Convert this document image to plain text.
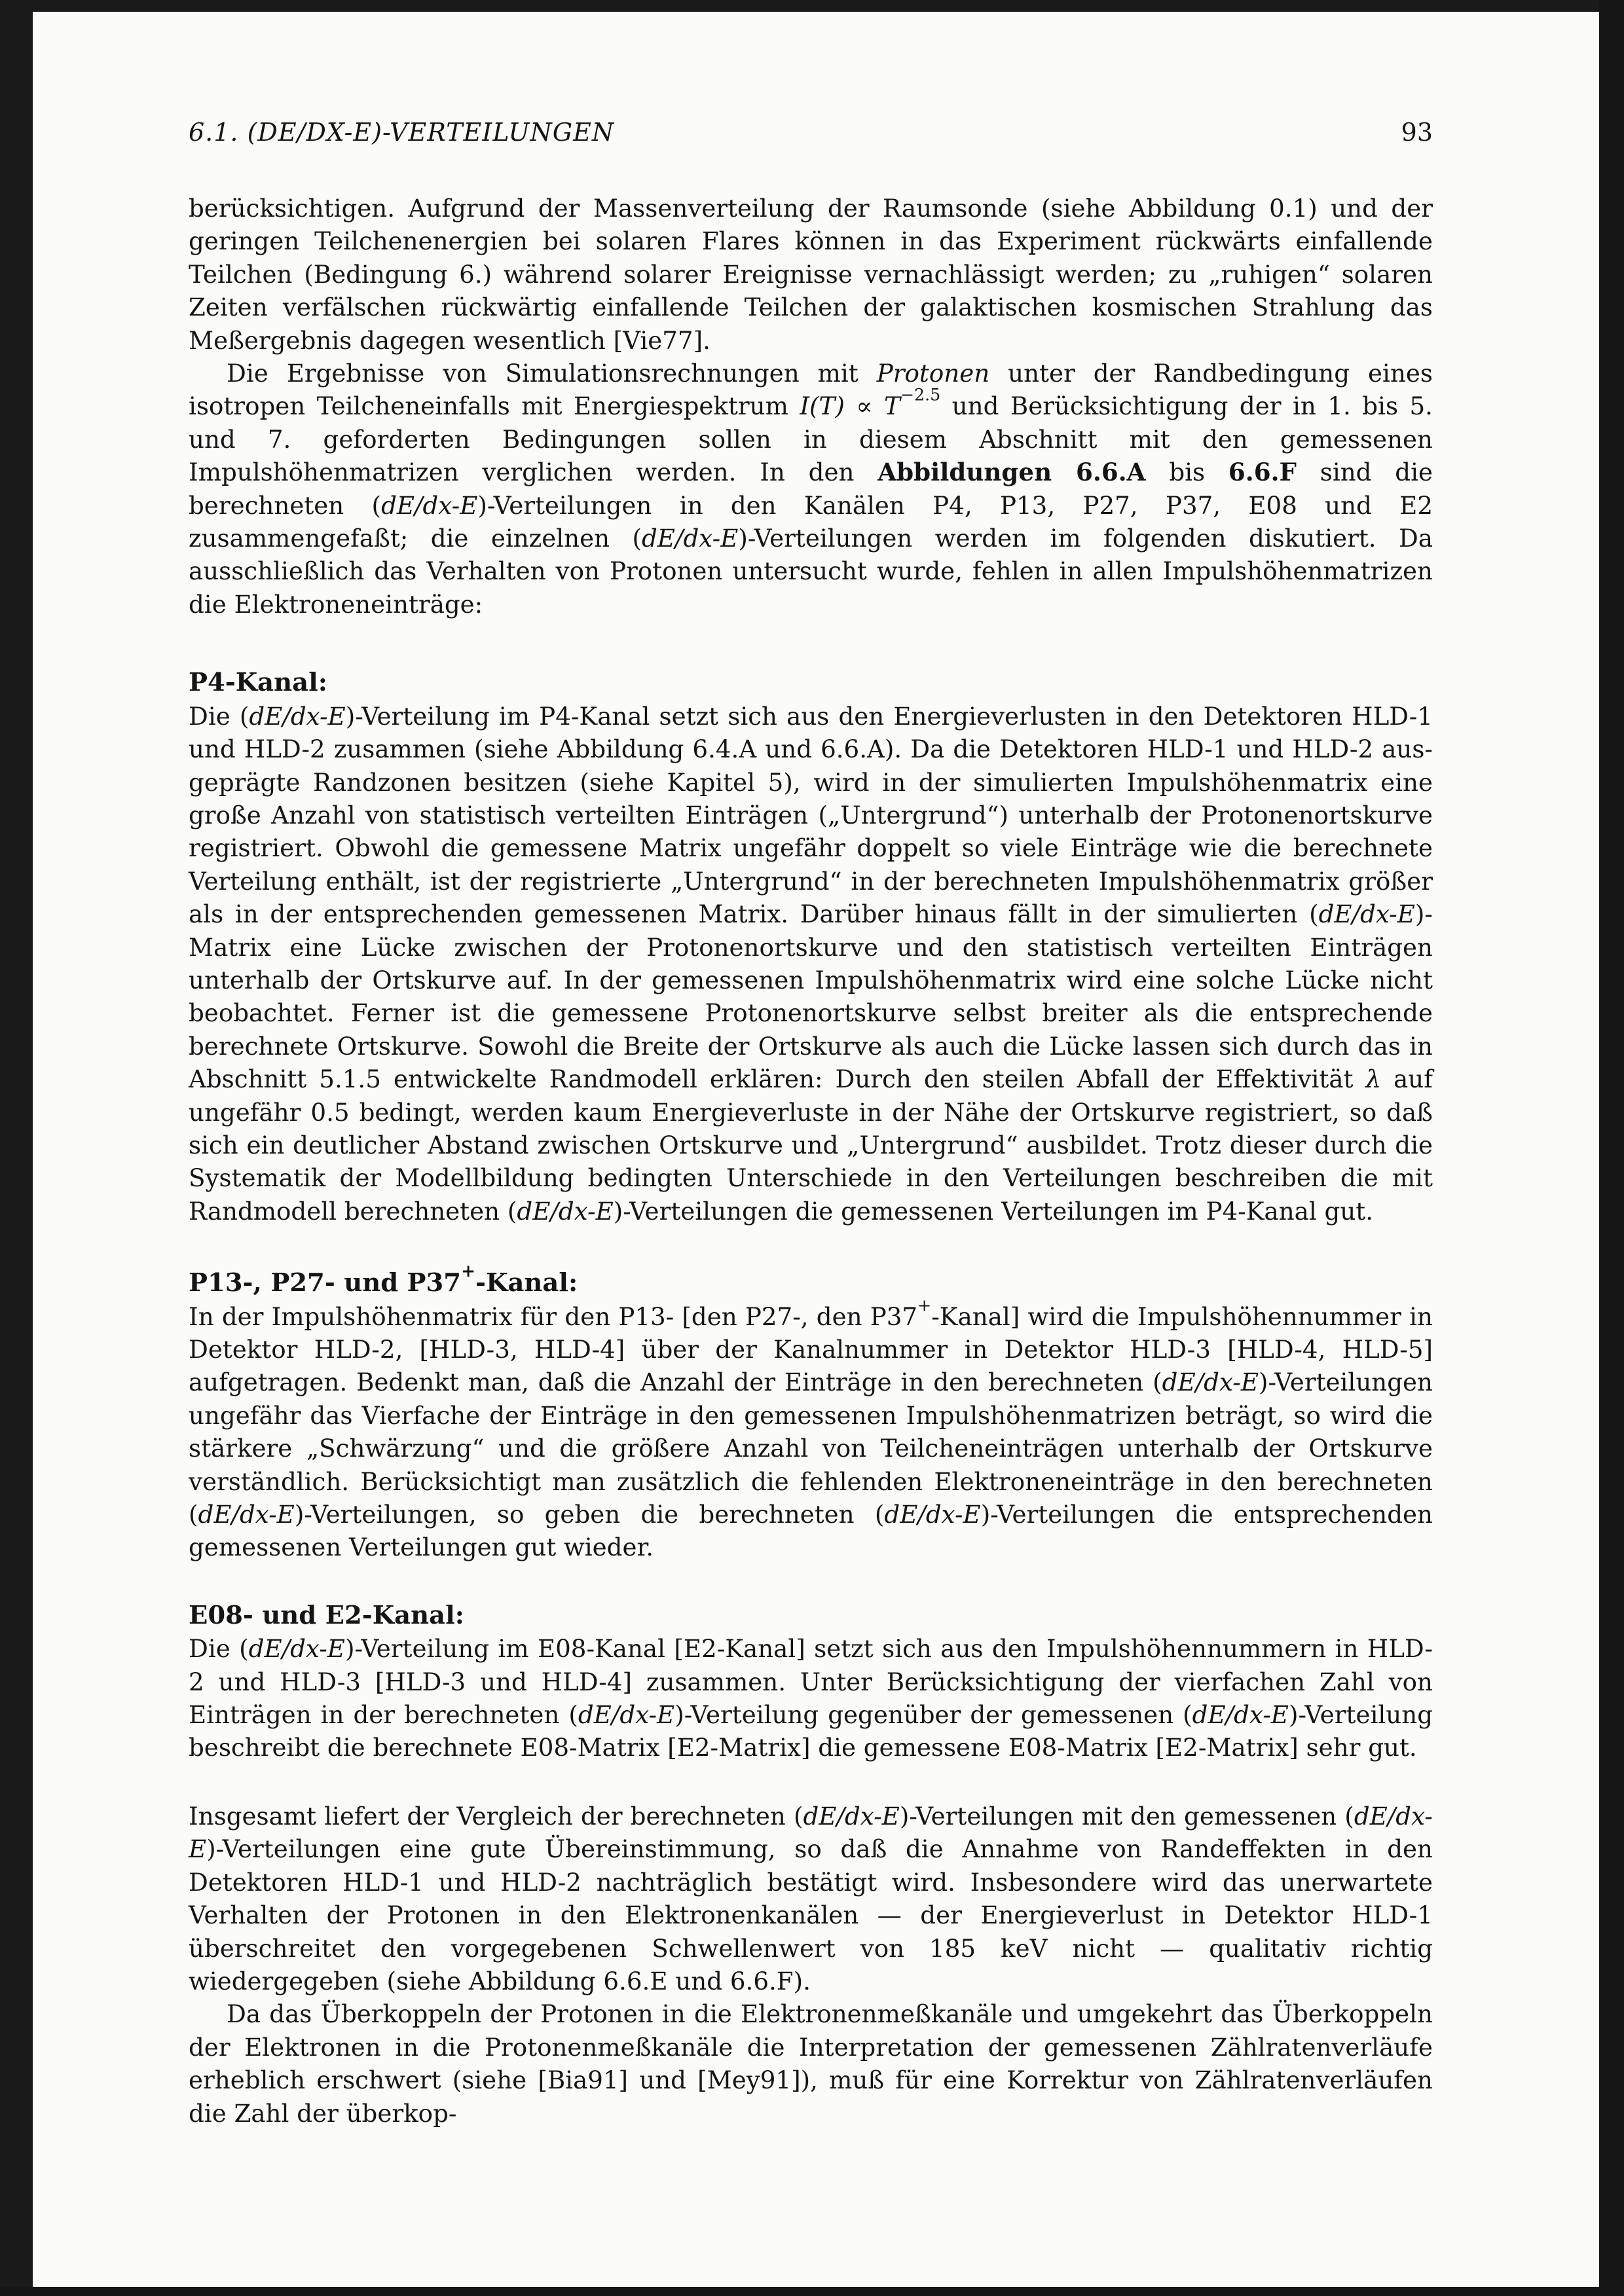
6.1. (DE/DX-E)-VERTEILUNGEN	93

berücksichtigen. Aufgrund der Massenverteilung der Raumsonde (siehe Abbildung 0.1) und der geringen Teilchenenergien bei solaren Flares können in das Experiment rückwärts einfallende Teilchen (Bedingung 6.) während solarer Ereignisse vernachlässigt werden; zu „ruhigen“ solaren Zeiten verfälschen rückwärtig einfallende Teilchen der galaktischen kosmischen Strahlung das Meßergebnis dagegen wesentlich [Vie77].

Die Ergebnisse von Simulationsrechnungen mit Protonen unter der Randbedingung eines isotropen Teilcheneinfalls mit Energiespektrum $I(T) \propto T^{-2.5}$ und Berücksichtigung der in 1. bis 5. und 7. geforderten Bedingungen sollen in diesem Abschnitt mit den gemessenen Impulshöhenmatrizen verglichen werden. In den Abbildungen 6.6.A bis 6.6.F sind die berechneten (dE/dx-E)-Verteilungen in den Kanälen P4, P13, P27, P37, E08 und E2 zusammengefaßt; die einzelnen (dE/dx-E)-Verteilungen werden im folgenden diskutiert. Da ausschließlich das Verhalten von Protonen untersucht wurde, fehlen in allen Impulshöhenmatrizen die Elektroneneinträge:

P4-Kanal:

Die (dE/dx-E)-Verteilung im P4-Kanal setzt sich aus den Energieverlusten in den Detektoren HLD-1 und HLD-2 zusammen (siehe Abbildung 6.4.A und 6.6.A). Da die Detektoren HLD-1 und HLD-2 ausgeprägte Randzonen besitzen (siehe Kapitel 5), wird in der simulierten Impulshöhenmatrix eine große Anzahl von statistisch verteilten Einträgen („Untergrund“) unterhalb der Protonenortskurve registriert. Obwohl die gemessene Matrix ungefähr doppelt so viele Einträge wie die berechnete Verteilung enthält, ist der registrierte „Untergrund“ in der berechneten Impulshöhenmatrix größer als in der entsprechenden gemessenen Matrix. Darüber hinaus fällt in der simulierten (dE/dx-E)-Matrix eine Lücke zwischen der Protonenortskurve und den statistisch verteilten Einträgen unterhalb der Ortskurve auf. In der gemessenen Impulshöhenmatrix wird eine solche Lücke nicht beobachtet. Ferner ist die gemessene Protonenortskurve selbst breiter als die entsprechende berechnete Ortskurve. Sowohl die Breite der Ortskurve als auch die Lücke lassen sich durch das in Abschnitt 5.1.5 entwickelte Randmodell erklären: Durch den steilen Abfall der Effektivität λ auf ungefähr 0.5 bedingt, werden kaum Energieverluste in der Nähe der Ortskurve registriert, so daß sich ein deutlicher Abstand zwischen Ortskurve und „Untergrund“ ausbildet. Trotz dieser durch die Systematik der Modellbildung bedingten Unterschiede in den Verteilungen beschreiben die mit Randmodell berechneten (dE/dx-E)-Verteilungen die gemessenen Verteilungen im P4-Kanal gut.

P13-, P27- und P37+-Kanal:

In der Impulshöhenmatrix für den P13- [den P27-, den P37+-Kanal] wird die Impulshöhennummer in Detektor HLD-2, [HLD-3, HLD-4] über der Kanalnummer in Detektor HLD-3 [HLD-4, HLD-5] aufgetragen. Bedenkt man, daß die Anzahl der Einträge in den berechneten (dE/dx-E)-Verteilungen ungefähr das Vierfache der Einträge in den gemessenen Impulshöhenmatrizen beträgt, so wird die stärkere „Schwärzung“ und die größere Anzahl von Teilcheneinträgen unterhalb der Ortskurve verständlich. Berücksichtigt man zusätzlich die fehlenden Elektroneneinträge in den berechneten (dE/dx-E)-Verteilungen, so geben die berechneten (dE/dx-E)-Verteilungen die entsprechenden gemessenen Verteilungen gut wieder.

E08- und E2-Kanal:

Die (dE/dx-E)-Verteilung im E08-Kanal [E2-Kanal] setzt sich aus den Impulshöhennummern in HLD-2 und HLD-3 [HLD-3 und HLD-4] zusammen. Unter Berücksichtigung der vierfachen Zahl von Einträgen in der berechneten (dE/dx-E)-Verteilung gegenüber der gemessenen (dE/dx-E)-Verteilung beschreibt die berechnete E08-Matrix [E2-Matrix] die gemessene E08-Matrix [E2-Matrix] sehr gut.

Insgesamt liefert der Vergleich der berechneten (dE/dx-E)-Verteilungen mit den gemessenen (dE/dx-E)-Verteilungen eine gute Übereinstimmung, so daß die Annahme von Randeffekten in den Detektoren HLD-1 und HLD-2 nachträglich bestätigt wird. Insbesondere wird das unerwartete Verhalten der Protonen in den Elektronenkanälen — der Energieverlust in Detektor HLD-1 überschreitet den vorgegebenen Schwellenwert von 185 keV nicht — qualitativ richtig wiedergegeben (siehe Abbildung 6.6.E und 6.6.F).

Da das Überkoppeln der Protonen in die Elektronenmeßkanäle und umgekehrt das Überkoppeln der Elektronen in die Protonenmeßkanäle die Interpretation der gemessenen Zählratenverläufe erheblich erschwert (siehe [Bia91] und [Mey91]), muß für eine Korrektur von Zählratenverläufen die Zahl der überkop-
